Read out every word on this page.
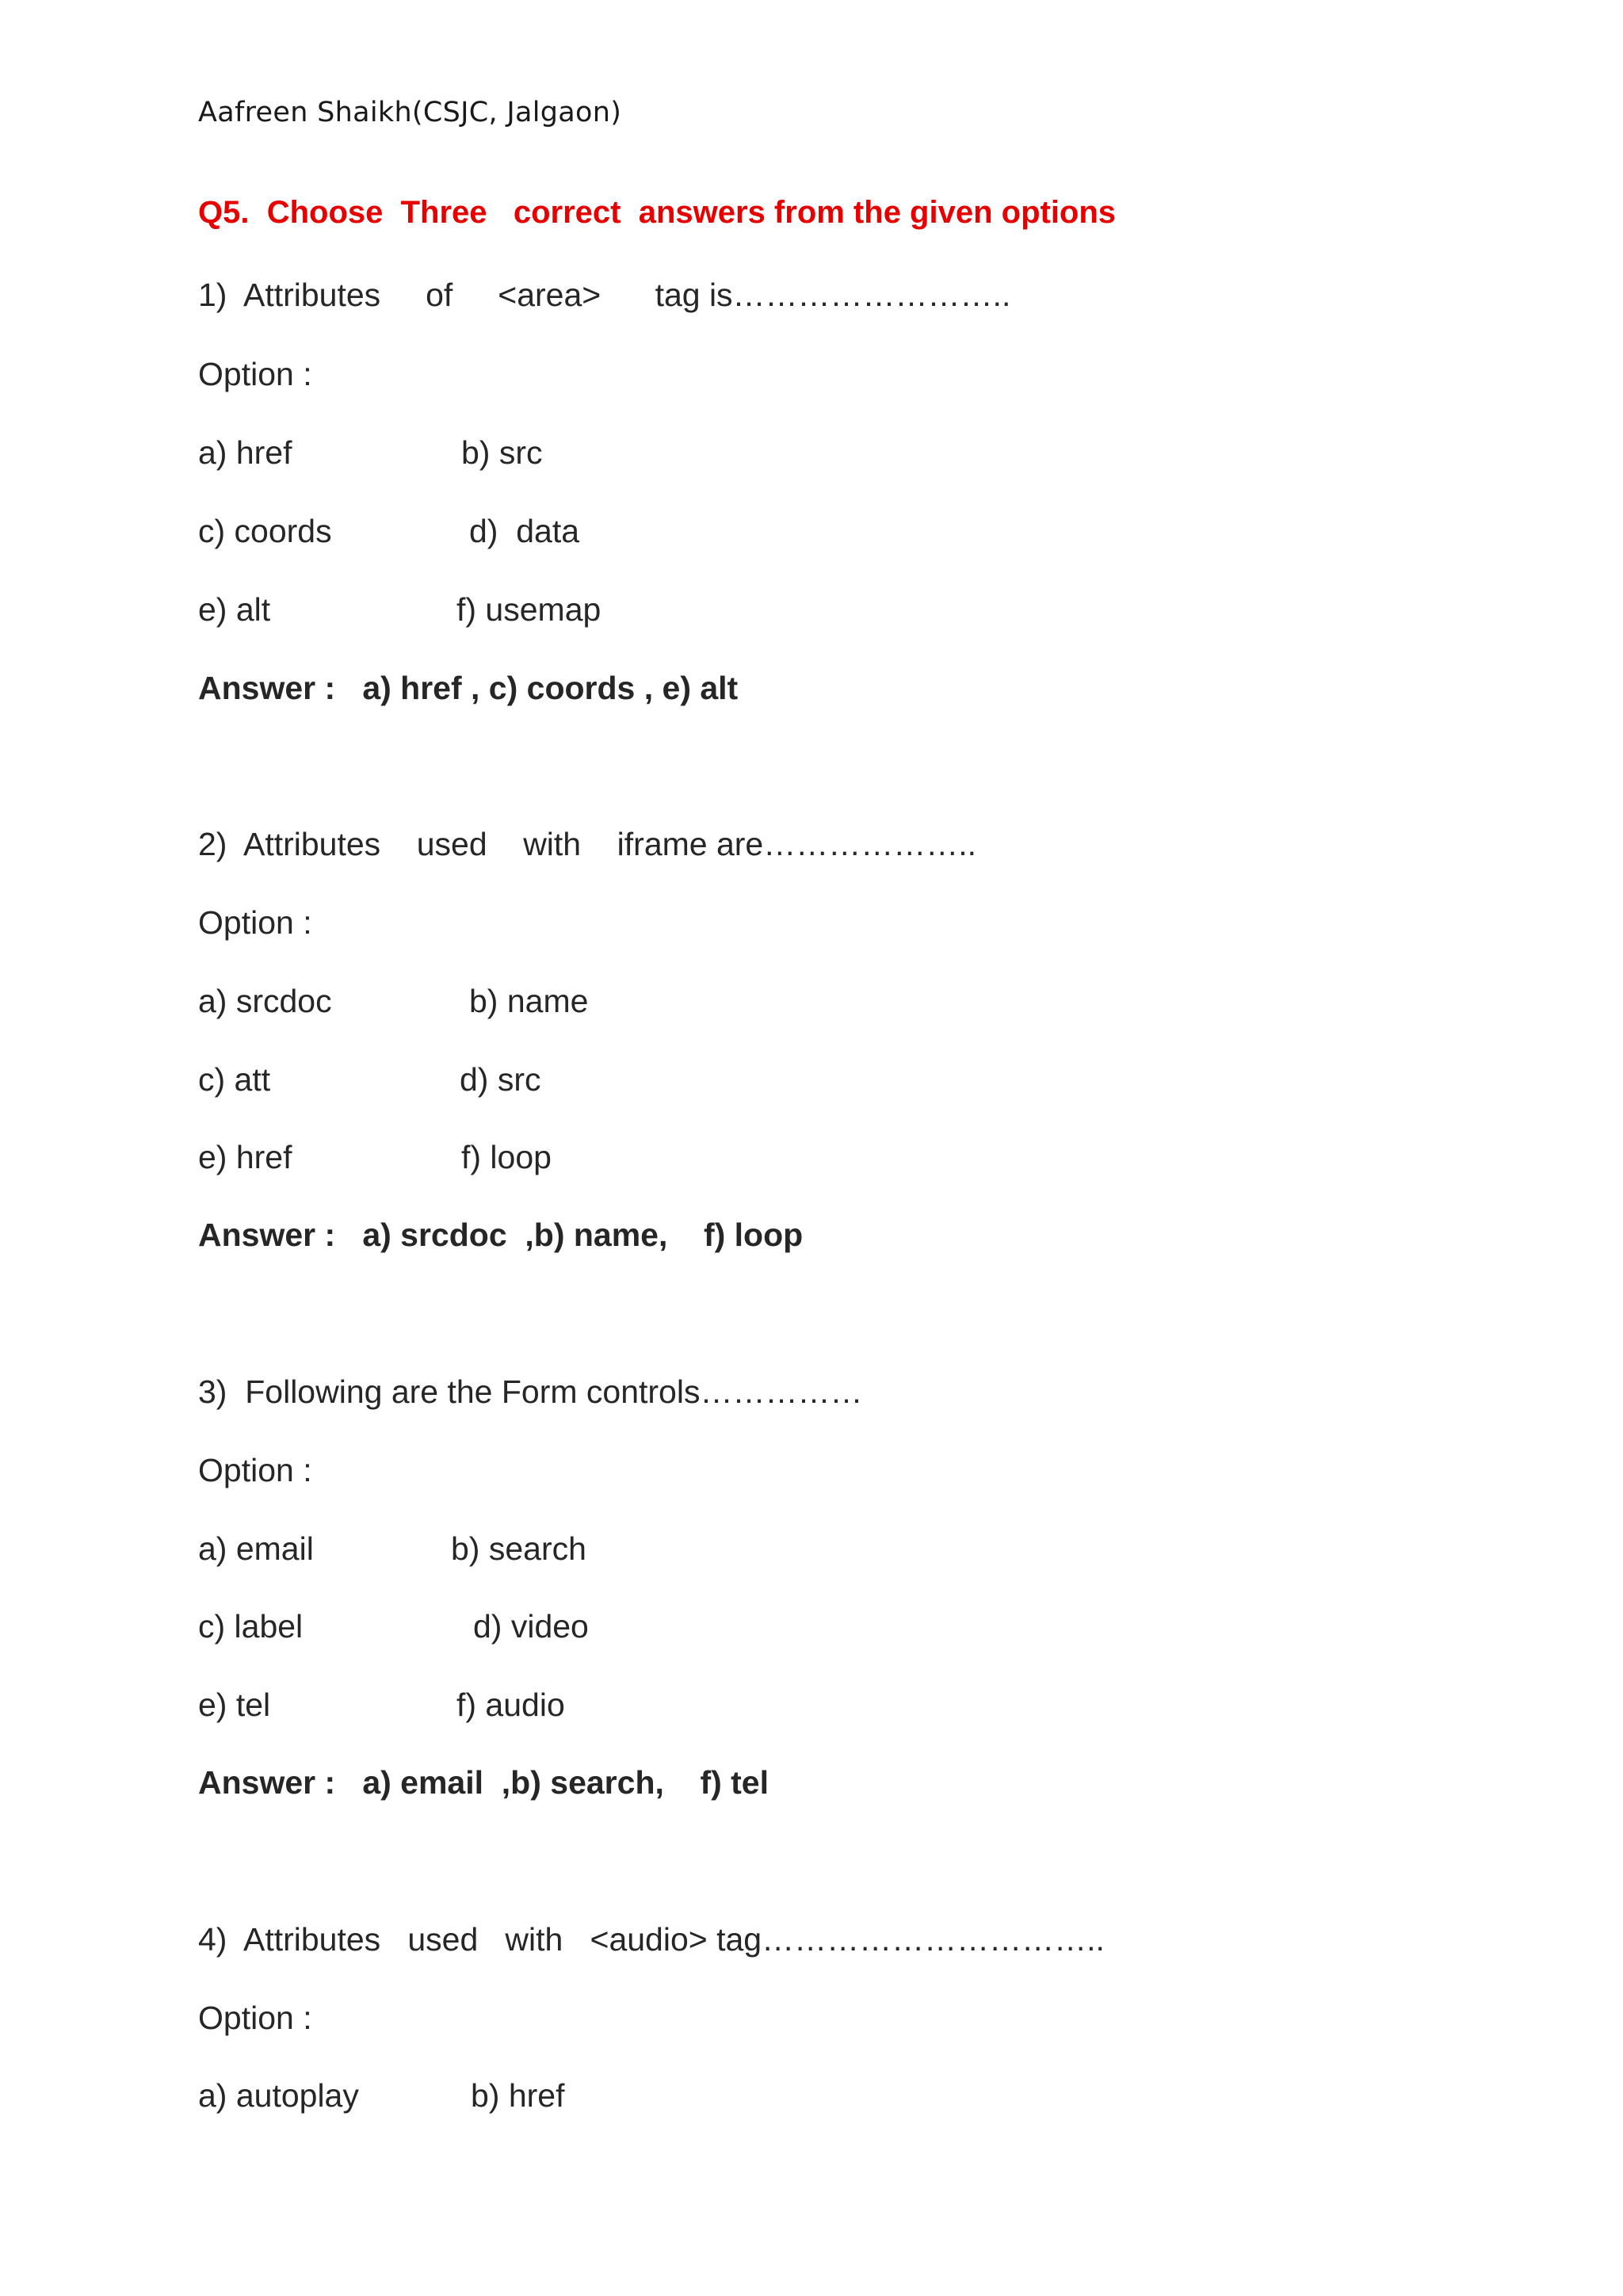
Aafreen Shaikh(CSJC, Jalgaon)
Q5.  Choose  Three   correct  answers from the given options
1)  Attributes     of     <area>      tag is……………………..
Option :
a) href	b) src
c) coords	d)  data
e) alt	f) usemap
Answer :   a) href , c) coords , e) alt
2)  Attributes    used    with    iframe are………………..
Option :
a) srcdoc	b) name
c) att	d) src
e) href	f) loop
Answer :   a) srcdoc  ,b) name,    f) loop
3)  Following are the Form controls……………
Option :
a) email	b) search
c) label	d) video
e) tel	f) audio
Answer :   a) email  ,b) search,    f) tel
4)  Attributes   used   with   <audio> tag…………………………..
Option :
a) autoplay	b) href
